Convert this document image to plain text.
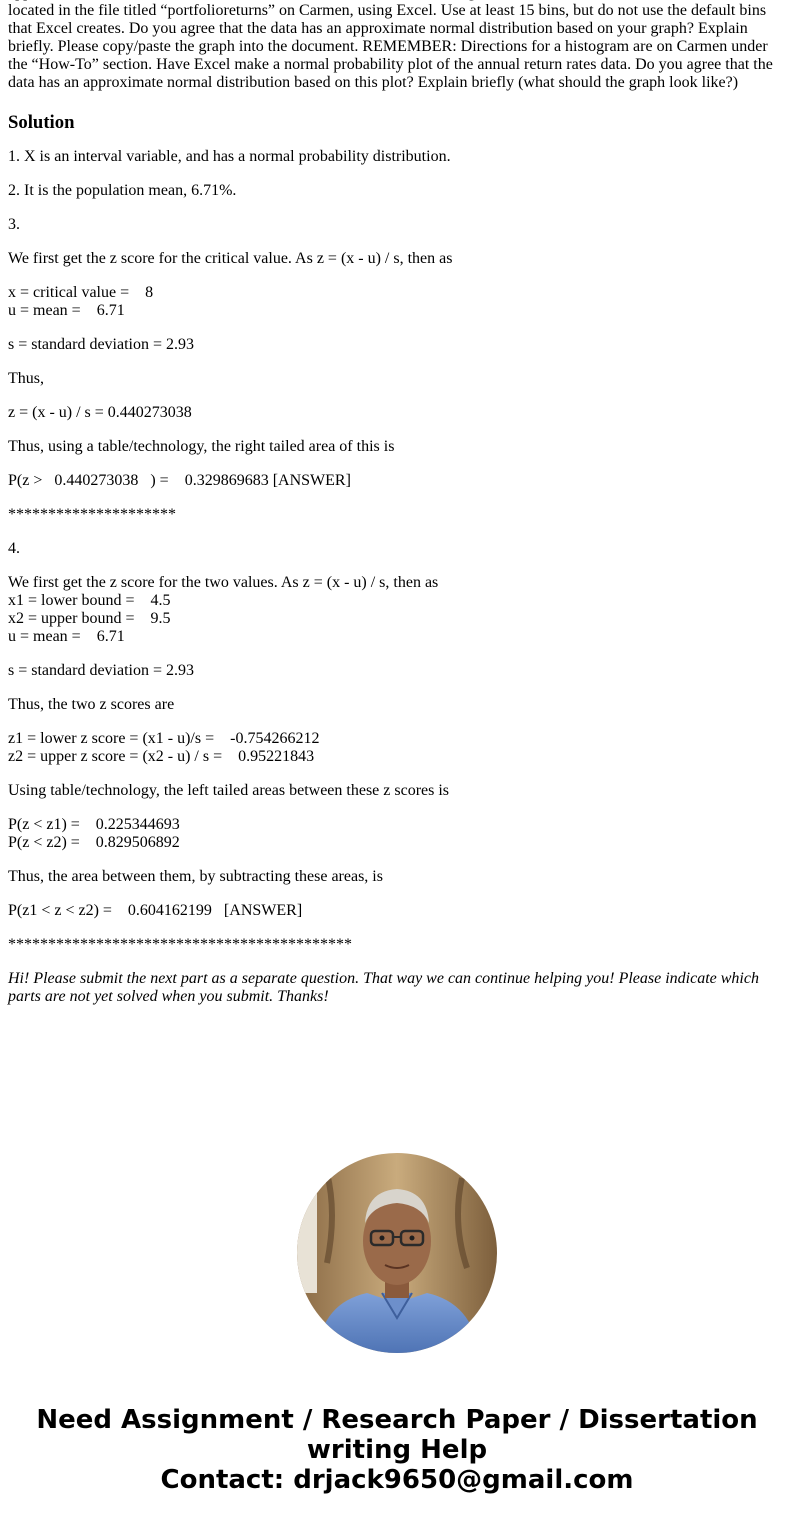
located in the file titled “portfolioreturns” on Carmen, using Excel. Use at least 15 bins, but do not use the default bins that Excel creates. Do you agree that the data has an approximate normal distribution based on your graph? Explain briefly. Please copy/paste the graph into the document. REMEMBER: Directions for a histogram are on Carmen under the “How-To” section. Have Excel make a normal probability plot of the annual return rates data. Do you agree that the data has an approximate normal distribution based on this plot? Explain briefly (what should the graph look like?)

Solution

1. X is an interval variable, and has a normal probability distribution.

2. It is the population mean, 6.71%.

3.

We first get the z score for the critical value. As z = (x - u) / s, then as

x = critical value =    8
u = mean =    6.71

s = standard deviation = 2.93

Thus,

z = (x - u) / s = 0.440273038

Thus, using a table/technology, the right tailed area of this is

P(z >   0.440273038   ) =    0.329869683 [ANSWER]

*********************

4.

We first get the z score for the two values. As z = (x - u) / s, then as
x1 = lower bound =    4.5
x2 = upper bound =    9.5
u = mean =    6.71

s = standard deviation = 2.93

Thus, the two z scores are

z1 = lower z score = (x1 - u)/s =    -0.754266212
z2 = upper z score = (x2 - u) / s =    0.95221843

Using table/technology, the left tailed areas between these z scores is

P(z < z1) =    0.225344693
P(z < z2) =    0.829506892

Thus, the area between them, by subtracting these areas, is

P(z1 < z < z2) =    0.604162199   [ANSWER]

*******************************************

Hi! Please submit the next part as a separate question. That way we can continue helping you! Please indicate which parts are not yet solved when you submit. Thanks!

Need Assignment / Research Paper / Dissertation
writing Help
Contact: drjack9650@gmail.com
